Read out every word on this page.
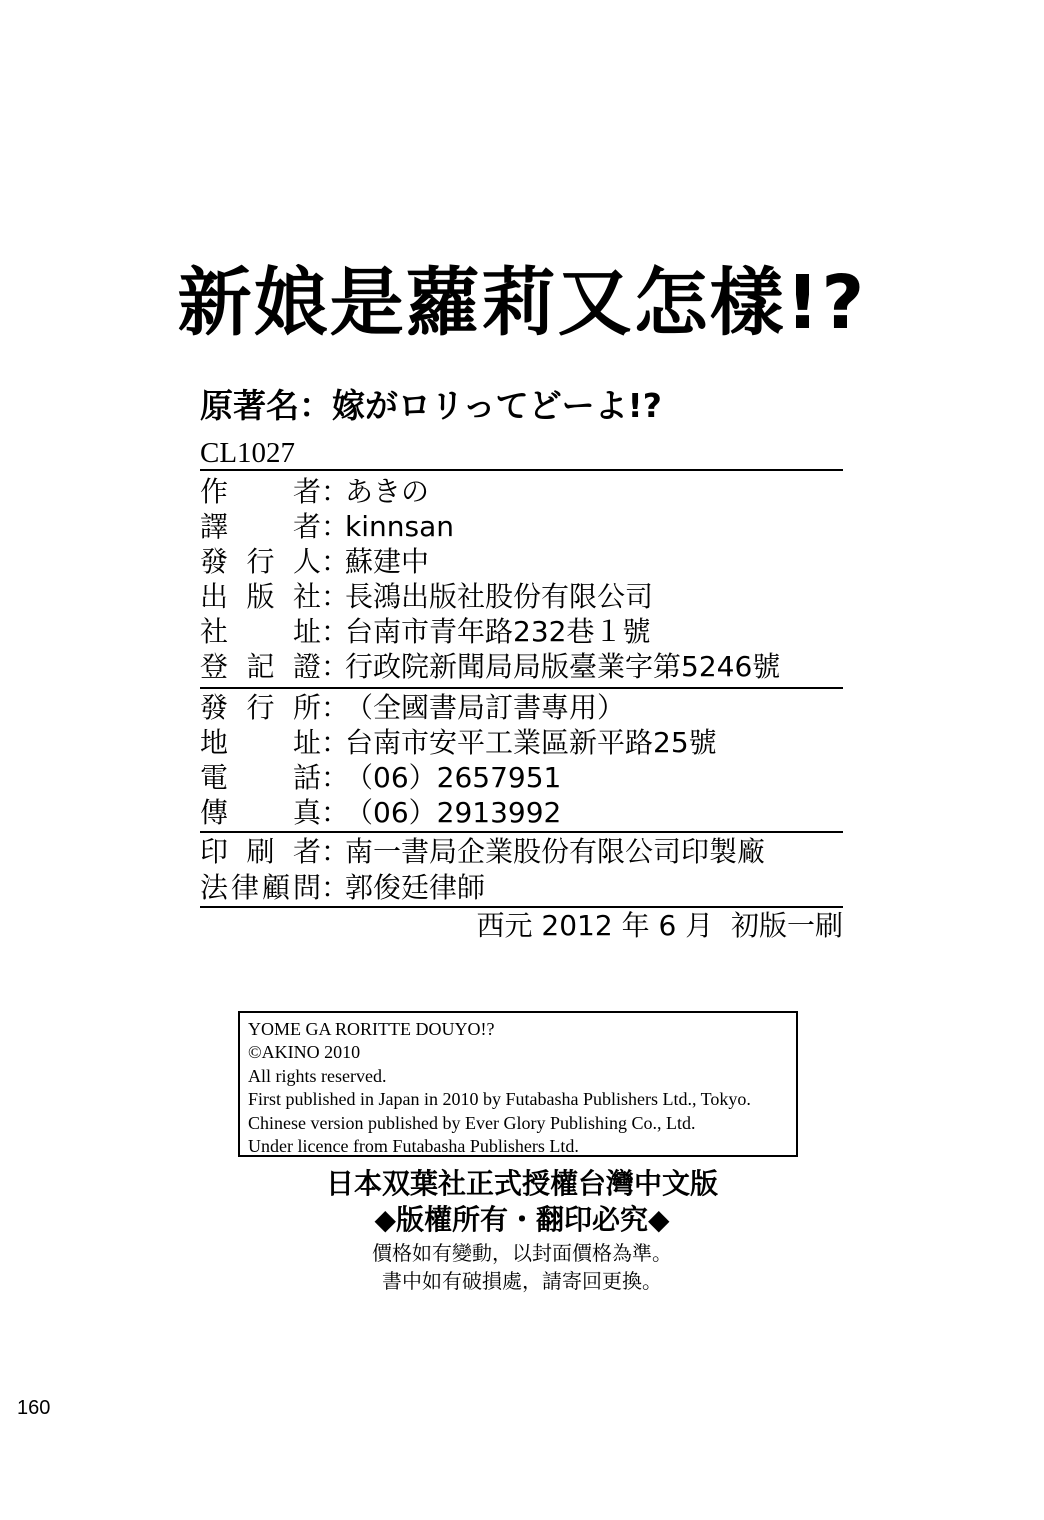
新娘是蘿莉又怎樣!?
原著名：嫁がロリってどーよ!?
CL1027
作者 ：
あきの
譯者 ：
kinnsan
發行人 ：
蘇建中
出版社 ：
長鴻出版社股份有限公司
社址 ：
台南市青年路232巷１號
登記證 ：
行政院新聞局局版臺業字第5246號
發行所 ：
（全國書局訂書專用）
地址 ：
台南市安平工業區新平路25號
電話 ：
（06）2657951
傳真 ：
（06）2913992
印刷者 ：
南一書局企業股份有限公司印製廠
法律顧問 ：
郭俊廷律師
西元 2012 年 6 月  初版一刷
YOME GA RORITTE DOUYO!?
©AKINO 2010
All rights reserved.
First published in Japan in 2010 by Futabasha Publishers Ltd., Tokyo.
Chinese version published by Ever Glory Publishing Co., Ltd.
Under licence from Futabasha Publishers Ltd.
日本双葉社正式授權台灣中文版
◆版權所有・翻印必究◆
價格如有變動，以封面價格為準。
書中如有破損處，請寄回更換。
160
